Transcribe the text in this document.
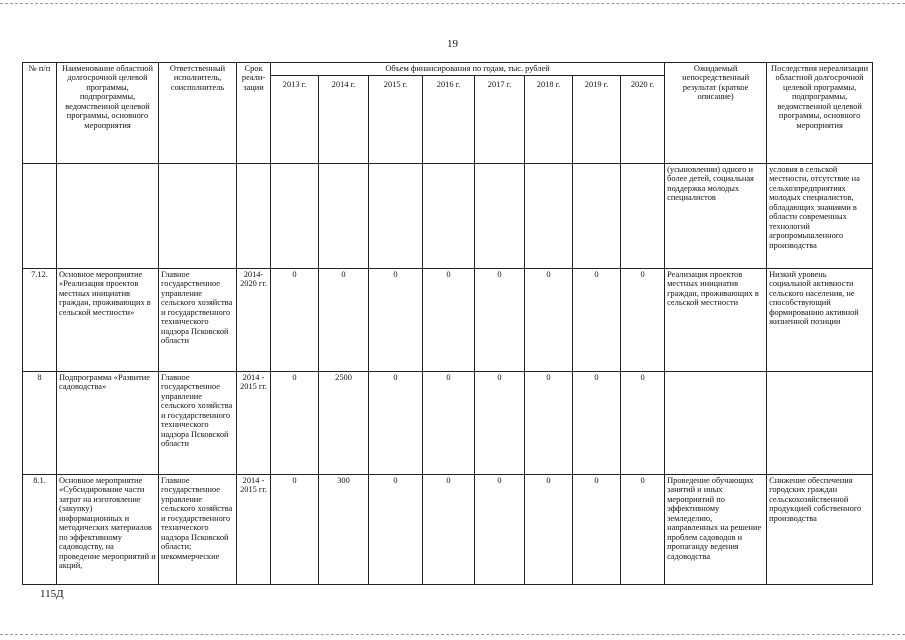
19
№ п/п	Наименование областной долгосрочной целевой программы, подпрограммы, ведомственной целевой программы, основного мероприятия	Ответственный исполнитель, соисполнитель	Срок реали-зации	Объем финансирования по годам, тыс. рублей								Ожидаемый непосредственный результат (краткое описание)	Последствия нереализации областной долгосрочной целевой программы, подпрограммы, ведомственной целевой программы, основного мероприятия
				2013 г.	2014 г.	2015 г.	2016 г.	2017 г.	2018 г.	2019 г.	2020 г.		
												(усыновлении) одного и более детей, социальная поддержка молодых специалистов	условия в сельской местности, отсутствие на сельхозпредприятиях молодых специалистов, обладающих знаниями в области современных технологий агропромышленного производства
7.12.	Основное мероприятие «Реализация проектов местных инициатив граждан, проживающих в сельской местности»	Главное государственное управление сельского хозяйства и государственного технического надзора Псковской области	2014-2020 гг.	0	0	0	0	0	0	0	0	Реализация проектов местных инициатив граждан, проживающих в сельской местности	Низкий уровень социальной активности сельского населения, не способствующий формированию активной жизненной позиции
8	Подпрограмма «Развитие садоводства»	Главное государственное управление сельского хозяйства и государственного технического надзора Псковской области	2014 - 2015 гг.	0	2500	0	0	0	0	0	0		
8.1.	Основное мероприятие «Субсидирование части затрат на изготовление (закупку) информационных и методических материалов по эффективному садоводству, на проведение мероприятий и акций,	Главное государственное управление сельского хозяйства и государственного технического надзора Псковской области; некоммерческие	2014 - 2015 гг.	0	300	0	0	0	0	0	0	Проведение обучающих занятий и иных мероприятий по эффективному земледелию, направленных на решение проблем садоводов и пропаганду ведения садоводства	Снижение обеспечения городских граждан сельскохозяйственной продукцией собственного производства
115Д
